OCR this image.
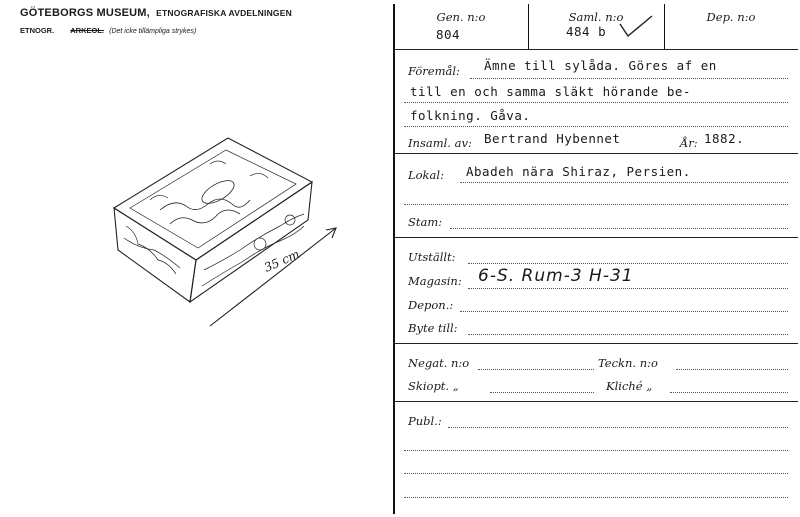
GÖTEBORGS MUSEUM, ETNOGRAFISKA AVDELNINGEN
ETNOGR. ARKEOL. (Det icke tillämpliga strykes)
35 cm
Gen. n:o
804
Saml. n:o
484 b
Dep. n:o
Föremål: Ämne till sylåda. Göres af en
till en och samma släkt hörande be-
folkning. Gåva.
Insaml. av: Bertrand Hybennet	År: 1882.
Lokal: Abadeh nära Shiraz, Persien.
Stam:
Utställt:
Magasin: 6-S. Rum-3 H-31
Depon.:
Byte till:
Negat. n:o	Teckn. n:o
Skiopt. „	Kliché „
Publ.:
